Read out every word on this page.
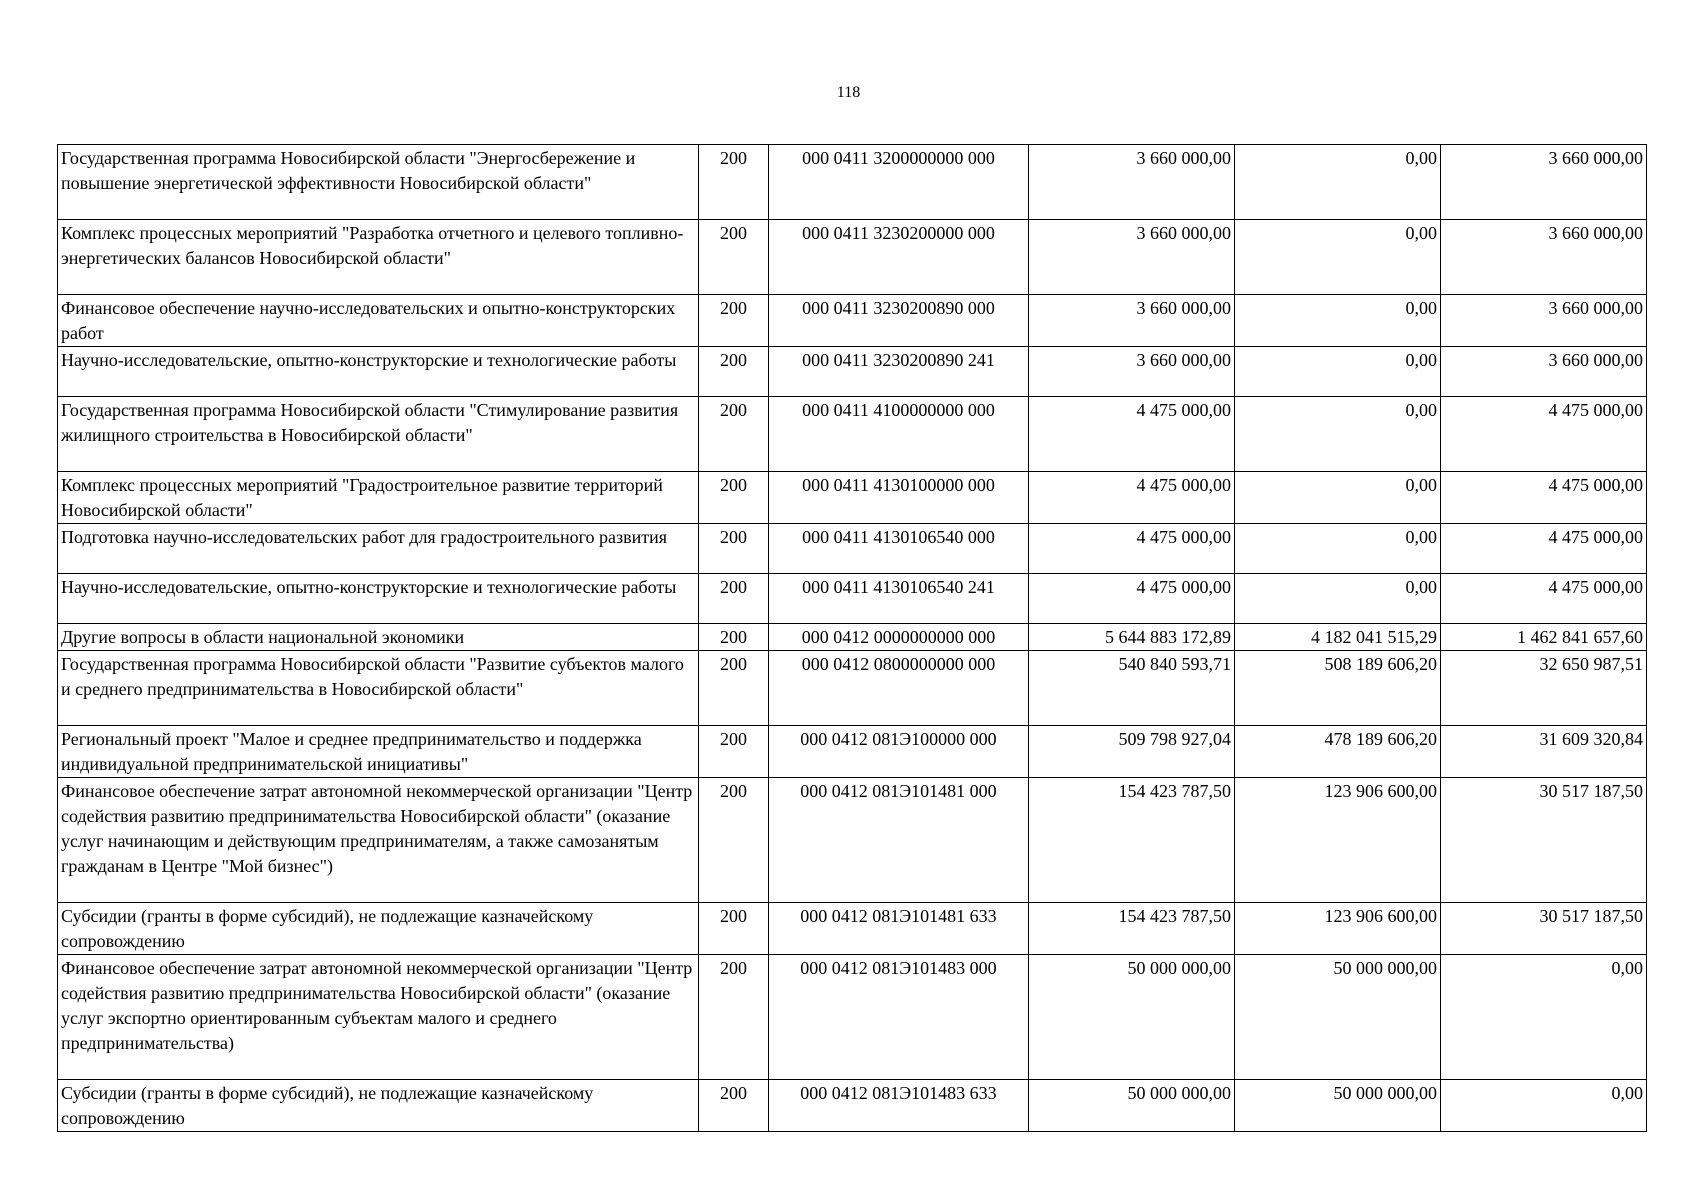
118
Государственная программа Новосибирской области "Энергосбережение и повышение энергетической эффективности Новосибирской области"	200	000 0411 3200000000 000	3 660 000,00	0,00	3 660 000,00
Комплекс процессных мероприятий "Разработка отчетного и целевого топливно-энергетических балансов Новосибирской области"	200	000 0411 3230200000 000	3 660 000,00	0,00	3 660 000,00
Финансовое обеспечение научно-исследовательских и опытно-конструкторских работ	200	000 0411 3230200890 000	3 660 000,00	0,00	3 660 000,00
Научно-исследовательские, опытно-конструкторские и технологические работы	200	000 0411 3230200890 241	3 660 000,00	0,00	3 660 000,00
Государственная программа Новосибирской области "Стимулирование развития жилищного строительства в Новосибирской области"	200	000 0411 4100000000 000	4 475 000,00	0,00	4 475 000,00
Комплекс процессных мероприятий "Градостроительное развитие территорий Новосибирской области"	200	000 0411 4130100000 000	4 475 000,00	0,00	4 475 000,00
Подготовка научно-исследовательских работ для градостроительного развития	200	000 0411 4130106540 000	4 475 000,00	0,00	4 475 000,00
Научно-исследовательские, опытно-конструкторские и технологические работы	200	000 0411 4130106540 241	4 475 000,00	0,00	4 475 000,00
Другие вопросы в области национальной экономики	200	000 0412 0000000000 000	5 644 883 172,89	4 182 041 515,29	1 462 841 657,60
Государственная программа Новосибирской области "Развитие субъектов малого и среднего предпринимательства в Новосибирской области"	200	000 0412 0800000000 000	540 840 593,71	508 189 606,20	32 650 987,51
Региональный проект "Малое и среднее предпринимательство и поддержка индивидуальной предпринимательской инициативы"	200	000 0412 081Э100000 000	509 798 927,04	478 189 606,20	31 609 320,84
Финансовое обеспечение затрат автономной некоммерческой организации "Центр содействия развитию предпринимательства Новосибирской области" (оказание услуг начинающим и действующим предпринимателям, а также самозанятым гражданам в Центре "Мой бизнес")	200	000 0412 081Э101481 000	154 423 787,50	123 906 600,00	30 517 187,50
Субсидии (гранты в форме субсидий), не подлежащие казначейскому сопровождению	200	000 0412 081Э101481 633	154 423 787,50	123 906 600,00	30 517 187,50
Финансовое обеспечение затрат автономной некоммерческой организации "Центр содействия развитию предпринимательства Новосибирской области" (оказание услуг экспортно ориентированным субъектам малого и среднего предпринимательства)	200	000 0412 081Э101483 000	50 000 000,00	50 000 000,00	0,00
Субсидии (гранты в форме субсидий), не подлежащие казначейскому сопровождению	200	000 0412 081Э101483 633	50 000 000,00	50 000 000,00	0,00
